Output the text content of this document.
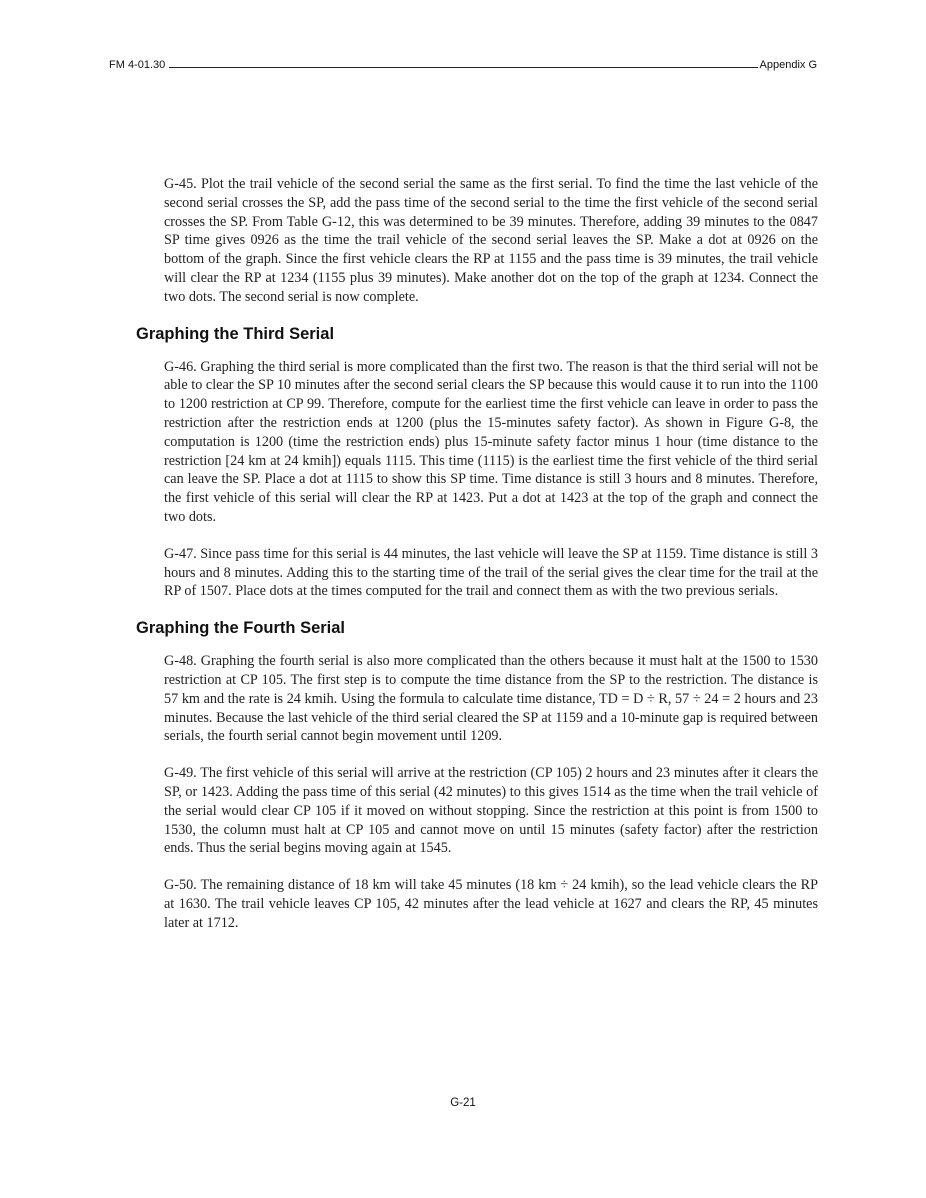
FM 4-01.30	Appendix G

G-45. Plot the trail vehicle of the second serial the same as the first serial. To find the time the last vehicle of the second serial crosses the SP, add the pass time of the second serial to the time the first vehicle of the second serial crosses the SP. From Table G-12, this was determined to be 39 minutes. Therefore, adding 39 minutes to the 0847 SP time gives 0926 as the time the trail vehicle of the second serial leaves the SP. Make a dot at 0926 on the bottom of the graph. Since the first vehicle clears the RP at 1155 and the pass time is 39 minutes, the trail vehicle will clear the RP at 1234 (1155 plus 39 minutes). Make another dot on the top of the graph at 1234. Connect the two dots. The second serial is now complete.

Graphing the Third Serial

G-46. Graphing the third serial is more complicated than the first two. The reason is that the third serial will not be able to clear the SP 10 minutes after the second serial clears the SP because this would cause it to run into the 1100 to 1200 restriction at CP 99. Therefore, compute for the earliest time the first vehicle can leave in order to pass the restriction after the restriction ends at 1200 (plus the 15-minutes safety factor). As shown in Figure G-8, the computation is 1200 (time the restriction ends) plus 15-minute safety factor minus 1 hour (time distance to the restriction [24 km at 24 kmih]) equals 1115. This time (1115) is the earliest time the first vehicle of the third serial can leave the SP. Place a dot at 1115 to show this SP time. Time distance is still 3 hours and 8 minutes. Therefore, the first vehicle of this serial will clear the RP at 1423. Put a dot at 1423 at the top of the graph and connect the two dots.

G-47. Since pass time for this serial is 44 minutes, the last vehicle will leave the SP at 1159. Time distance is still 3 hours and 8 minutes. Adding this to the starting time of the trail of the serial gives the clear time for the trail at the RP of 1507. Place dots at the times computed for the trail and connect them as with the two previous serials.

Graphing the Fourth Serial

G-48. Graphing the fourth serial is also more complicated than the others because it must halt at the 1500 to 1530 restriction at CP 105. The first step is to compute the time distance from the SP to the restriction. The distance is 57 km and the rate is 24 kmih. Using the formula to calculate time distance, TD = D ÷ R, 57 ÷ 24 = 2 hours and 23 minutes. Because the last vehicle of the third serial cleared the SP at 1159 and a 10-minute gap is required between serials, the fourth serial cannot begin movement until 1209.

G-49. The first vehicle of this serial will arrive at the restriction (CP 105) 2 hours and 23 minutes after it clears the SP, or 1423. Adding the pass time of this serial (42 minutes) to this gives 1514 as the time when the trail vehicle of the serial would clear CP 105 if it moved on without stopping. Since the restriction at this point is from 1500 to 1530, the column must halt at CP 105 and cannot move on until 15 minutes (safety factor) after the restriction ends. Thus the serial begins moving again at 1545.

G-50. The remaining distance of 18 km will take 45 minutes (18 km ÷ 24 kmih), so the lead vehicle clears the RP at 1630. The trail vehicle leaves CP 105, 42 minutes after the lead vehicle at 1627 and clears the RP, 45 minutes later at 1712.

G-21
